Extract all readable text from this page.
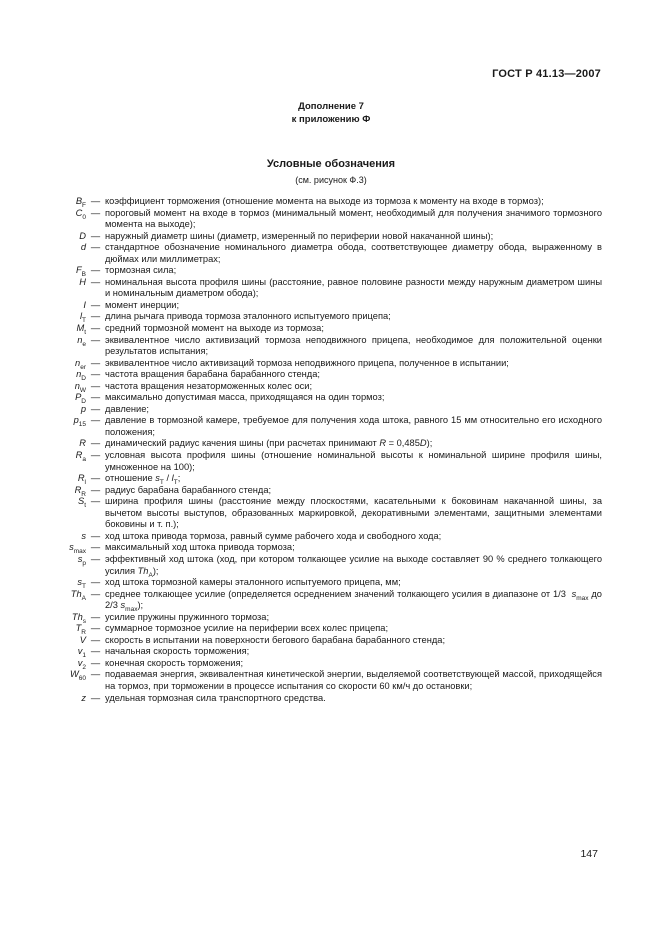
ГОСТ Р 41.13—2007
Дополнение 7
к приложению Ф
Условные обозначения
(см. рисунок Ф.3)
$B_F$ — коэффициент торможения (отношение момента на выходе из тормоза к моменту на входе в тормоз);
$C_0$ — пороговый момент на входе в тормоз (минимальный момент, необходимый для получения значимого тормозного момента на выходе);
D — наружный диаметр шины (диаметр, измеренный по периферии новой накачанной шины);
d — стандартное обозначение номинального диаметра обода, соответствующее диаметру обода, выраженному в дюймах или миллиметрах;
$F_B$ — тормозная сила;
H — номинальная высота профиля шины (расстояние, равное половине разности между наружным диаметром шины и номинальным диаметром обода);
I — момент инерции;
$l_T$ — длина рычага привода тормоза эталонного испытуемого прицепа;
$M_t$ — средний тормозной момент на выходе из тормоза;
$n_e$ — эквивалентное число активизаций тормоза неподвижного прицепа, необходимое для положительной оценки результатов испытания;
$n_{er}$ — эквивалентное число активизаций тормоза неподвижного прицепа, полученное в испытании;
$n_D$ — частота вращения барабана барабанного стенда;
$n_W$ — частота вращения незаторможенных колес оси;
$P_D$ — максимально допустимая масса, приходящаяся на один тормоз;
p — давление;
$p_{15}$ — давление в тормозной камере, требуемое для получения хода штока, равного 15 мм относительно его исходного положения;
R — динамический радиус качения шины (при расчетах принимают R = 0,485D);
$R_a$ — условная высота профиля шины (отношение номинальной высоты к номинальной ширине профиля шины, умноженное на 100);
$R_l$ — отношение $s_T / l_T$;
$R_R$ — радиус барабана барабанного стенда;
$S_t$ — ширина профиля шины (расстояние между плоскостями, касательными к боковинам накачанной шины, за вычетом высоты выступов, образованных маркировкой, декоративными элементами, защитными элементами боковины и т. п.);
s — ход штока привода тормоза, равный сумме рабочего хода и свободного хода;
$s_{max}$ — максимальный ход штока привода тормоза;
$s_p$ — эффективный ход штока (ход, при котором толкающее усилие на выходе составляет 90 % среднего толкающего усилия $Th_A$);
$s_T$ — ход штока тормозной камеры эталонного испытуемого прицепа, мм;
$Th_A$ — среднее толкающее усилие (определяется осреднением значений толкающего усилия в диапазоне от 1/3  $s_{max}$ до 2/3 $s_{max}$);
$Th_s$ — усилие пружины пружинного тормоза;
$T_R$ — суммарное тормозное усилие на периферии всех колес прицепа;
V — скорость в испытании на поверхности бегового барабана барабанного стенда;
$v_1$ — начальная скорость торможения;
$v_2$ — конечная скорость торможения;
$W_{60}$ — подаваемая энергия, эквивалентная кинетической энергии, выделяемой соответствующей массой, приходящейся на тормоз, при торможении в процессе испытания со скорости 60 км/ч до остановки;
z — удельная тормозная сила транспортного средства.
147
